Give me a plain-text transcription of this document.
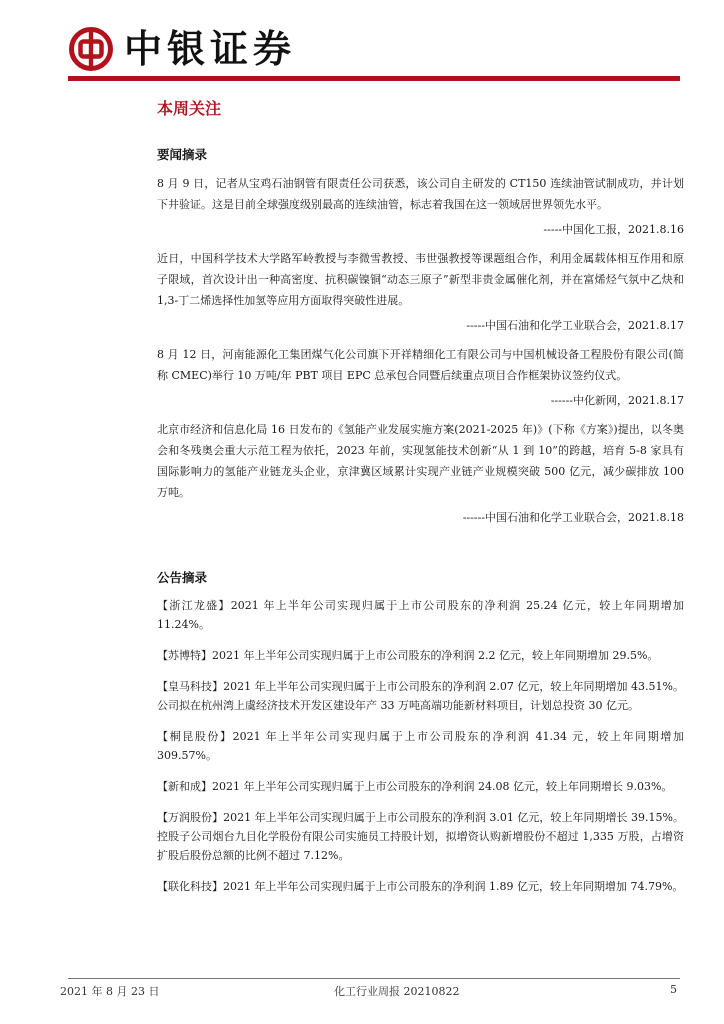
中银证券
本周关注
要闻摘录

8 月 9 日，记者从宝鸡石油钢管有限责任公司获悉，该公司自主研发的 CT150 连续油管试制成功，并计划下井验证。这是目前全球强度级别最高的连续油管，标志着我国在这一领域居世界领先水平。

-----中国化工报，2021.8.16

近日，中国科学技术大学路军岭教授与李微雪教授、韦世强教授等课题组合作，利用金属载体相互作用和原子限域，首次设计出一种高密度、抗积碳镍铜“动态三原子”新型非贵金属催化剂，并在富烯烃气氛中乙炔和1,3-丁二烯选择性加氢等应用方面取得突破性进展。

-----中国石油和化学工业联合会，2021.8.17

8 月 12 日，河南能源化工集团煤气化公司旗下开祥精细化工有限公司与中国机械设备工程股份有限公司(简称 CMEC)举行 10 万吨/年 PBT 项目 EPC 总承包合同暨后续重点项目合作框架协议签约仪式。

------中化新网，2021.8.17

北京市经济和信息化局 16 日发布的《氢能产业发展实施方案(2021-2025 年)》(下称《方案》)提出，以冬奥会和冬残奥会重大示范工程为依托，2023 年前，实现氢能技术创新“从 1 到 10”的跨越，培育 5-8 家具有国际影响力的氢能产业链龙头企业，京津冀区域累计实现产业链产业规模突破 500 亿元，减少碳排放 100 万吨。

------中国石油和化学工业联合会，2021.8.18

公告摘录

【浙江龙盛】2021 年上半年公司实现归属于上市公司股东的净利润 25.24 亿元，较上年同期增加 11.24%。

【苏博特】2021 年上半年公司实现归属于上市公司股东的净利润 2.2 亿元，较上年同期增加 29.5%。

【皇马科技】2021 年上半年公司实现归属于上市公司股东的净利润 2.07 亿元，较上年同期增加 43.51%。公司拟在杭州湾上虞经济技术开发区建设年产 33 万吨高端功能新材料项目，计划总投资 30 亿元。

【桐昆股份】2021 年上半年公司实现归属于上市公司股东的净利润 41.34 元，较上年同期增加 309.57%。

【新和成】2021 年上半年公司实现归属于上市公司股东的净利润 24.08 亿元，较上年同期增长 9.03%。

【万润股份】2021 年上半年公司实现归属于上市公司股东的净利润 3.01 亿元，较上年同期增长 39.15%。控股子公司烟台九目化学股份有限公司实施员工持股计划，拟增资认购新增股份不超过 1,335 万股，占增资扩股后股份总额的比例不超过 7.12%。

【联化科技】2021 年上半年公司实现归属于上市公司股东的净利润 1.89 亿元，较上年同期增加 74.79%。

2021 年 8 月 23 日	化工行业周报 20210822	5
